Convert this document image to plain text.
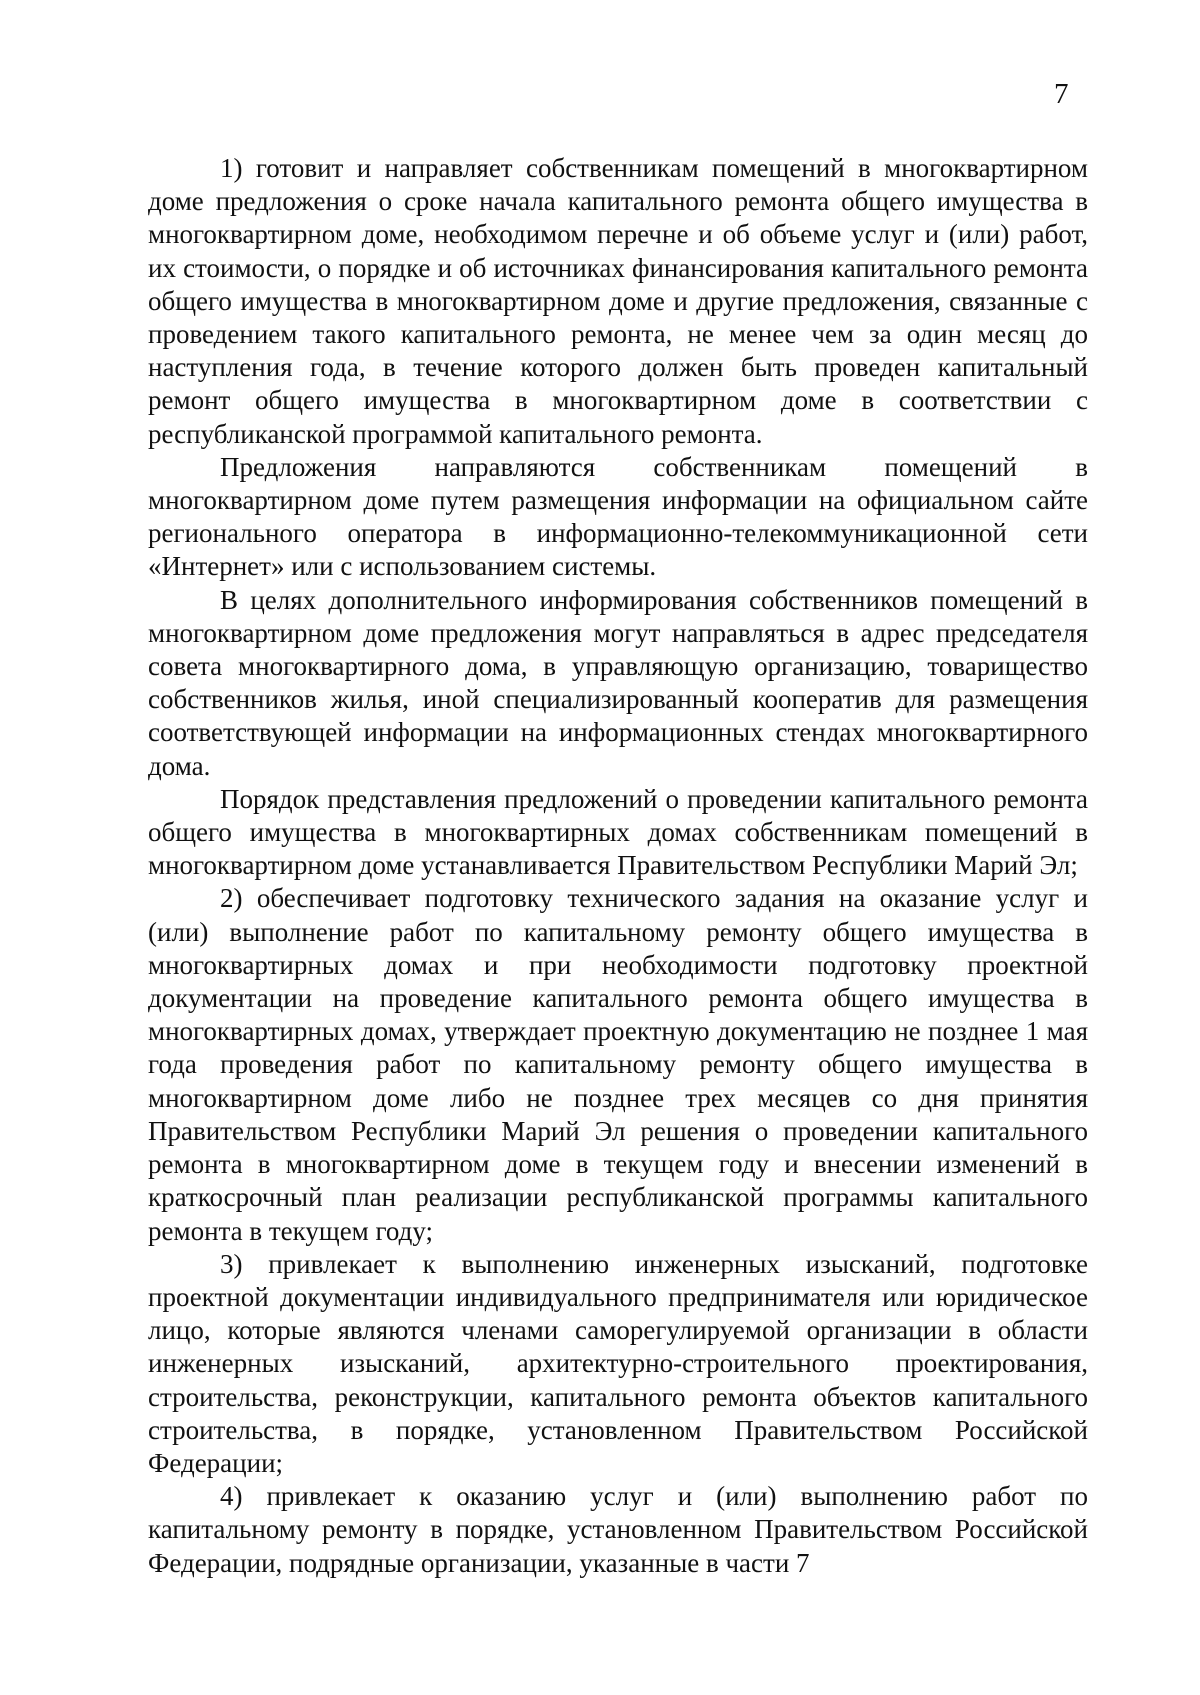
7

1) готовит и направляет собственникам помещений в многоквартирном доме предложения о сроке начала капитального ремонта общего имущества в многоквартирном доме, необходимом перечне и об объеме услуг и (или) работ, их стоимости, о порядке и об источниках финансирования капитального ремонта общего имущества в многоквартирном доме и другие предложения, связанные с проведением такого капитального ремонта, не менее чем за один месяц до наступления года, в течение которого должен быть проведен капитальный ремонт общего имущества в многоквартирном доме в соответствии с республиканской программой капитального ремонта.

Предложения направляются собственникам помещений в многоквартирном доме путем размещения информации на официальном сайте регионального оператора в информационно-телекоммуникационной сети «Интернет» или с использованием системы.

В целях дополнительного информирования собственников помещений в многоквартирном доме предложения могут направляться в адрес председателя совета многоквартирного дома, в управляющую организацию, товарищество собственников жилья, иной специализированный кооператив для размещения соответствующей информации на информационных стендах многоквартирного дома.

Порядок представления предложений о проведении капитального ремонта общего имущества в многоквартирных домах собственникам помещений в многоквартирном доме устанавливается Правительством Республики Марий Эл;

2) обеспечивает подготовку технического задания на оказание услуг и (или) выполнение работ по капитальному ремонту общего имущества в многоквартирных домах и при необходимости подготовку проектной документации на проведение капитального ремонта общего имущества в многоквартирных домах, утверждает проектную документацию не позднее 1 мая года проведения работ по капитальному ремонту общего имущества в многоквартирном доме либо не позднее трех месяцев со дня принятия Правительством Республики Марий Эл решения о проведении капитального ремонта в многоквартирном доме в текущем году и внесении изменений в краткосрочный план реализации республиканской программы капитального ремонта в текущем году;

3) привлекает к выполнению инженерных изысканий, подготовке проектной документации индивидуального предпринимателя или юридическое лицо, которые являются членами саморегулируемой организации в области инженерных изысканий, архитектурно-строительного проектирования, строительства, реконструкции, капитального ремонта объектов капитального строительства, в порядке, установленном Правительством Российской Федерации;

4) привлекает к оказанию услуг и (или) выполнению работ по капитальному ремонту в порядке, установленном Правительством Российской Федерации, подрядные организации, указанные в части 7
